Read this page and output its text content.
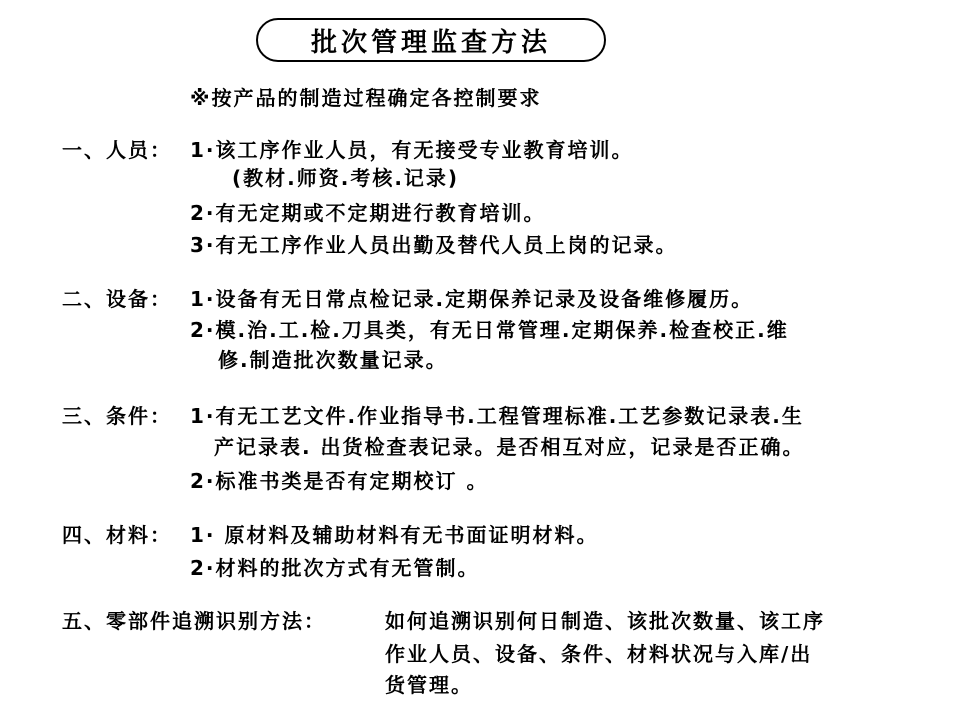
批次管理监查方法
※按产品的制造过程确定各控制要求
一、人员： 1·该工序作业人员，有无接受专业教育培训。
(教材.师资.考核.记录)
2·有无定期或不定期进行教育培训。
3·有无工序作业人员出勤及替代人员上岗的记录。
二、设备： 1·设备有无日常点检记录.定期保养记录及设备维修履历。
2·模.治.工.检.刀具类，有无日常管理.定期保养.检查校正.维
修.制造批次数量记录。
三、条件： 1·有无工艺文件.作业指导书.工程管理标准.工艺参数记录表.生
产记录表. 出货检查表记录。是否相互对应，记录是否正确。
2·标准书类是否有定期校订 。
四、材料： 1· 原材料及辅助材料有无书面证明材料。
2·材料的批次方式有无管制。
五、零部件追溯识别方法：	如何追溯识别何日制造、该批次数量、该工序
作业人员、设备、条件、材料状况与入库/出
货管理。
